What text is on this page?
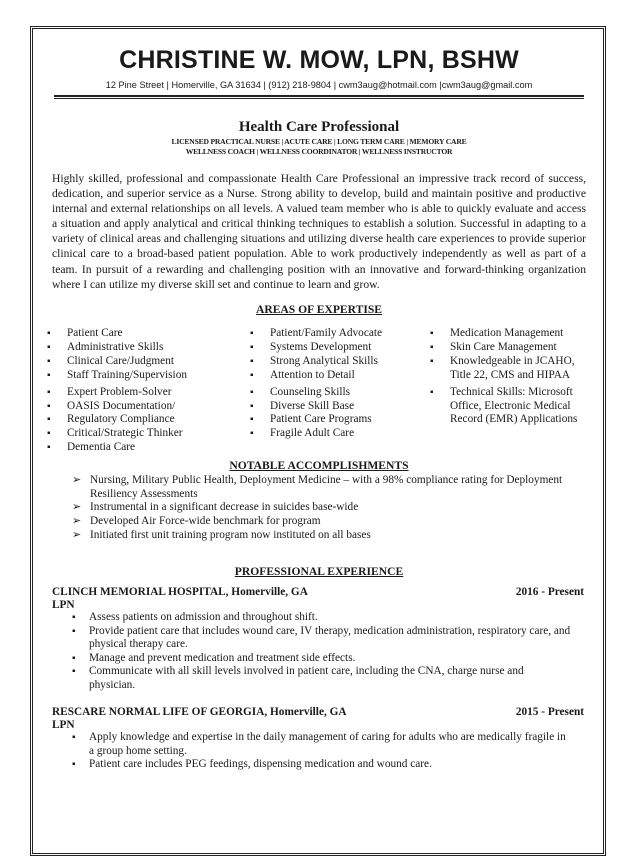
CHRISTINE W. MOW, LPN, BSHW
12 Pine Street | Homerville, GA 31634 | (912) 218-9804 | cwm3aug@hotmail.com |cwm3aug@gmail.com
Health Care Professional
LICENSED PRACTICAL NURSE | ACUTE CARE | LONG TERM CARE | MEMORY CARE
WELLNESS COACH | WELLNESS COORDINATOR | WELLNESS INSTRUCTOR
Highly skilled, professional and compassionate Health Care Professional an impressive track record of success, dedication, and superior service as a Nurse. Strong ability to develop, build and maintain positive and productive internal and external relationships on all levels. A valued team member who is able to quickly evaluate and access a situation and apply analytical and critical thinking techniques to establish a solution. Successful in adapting to a variety of clinical areas and challenging situations and utilizing diverse health care experiences to provide superior clinical care to a broad-based patient population. Able to work productively independently as well as part of a team. In pursuit of a rewarding and challenging position with an innovative and forward-thinking organization where I can utilize my diverse skill set and continue to learn and grow.
AREAS OF EXPERTISE
▪ Patient Care
▪ Administrative Skills
▪ Clinical Care/Judgment
▪ Staff Training/Supervision
▪ Expert Problem-Solver
▪ OASIS Documentation/
▪ Regulatory Compliance
▪ Critical/Strategic Thinker
▪ Dementia Care
▪ Patient/Family Advocate
▪ Systems Development
▪ Strong Analytical Skills
▪ Attention to Detail
▪ Counseling Skills
▪ Diverse Skill Base
▪ Patient Care Programs
▪ Fragile Adult Care
▪ Medication Management
▪ Skin Care Management
▪ Knowledgeable in JCAHO, Title 22, CMS and HIPAA
▪ Technical Skills: Microsoft Office, Electronic Medical Record (EMR) Applications
NOTABLE ACCOMPLISHMENTS
➢ Nursing, Military Public Health, Deployment Medicine – with a 98% compliance rating for Deployment Resiliency Assessments
➢ Instrumental in a significant decrease in suicides base-wide
➢ Developed Air Force-wide benchmark for program
➢ Initiated first unit training program now instituted on all bases
PROFESSIONAL EXPERIENCE
CLINCH MEMORIAL HOSPITAL, Homerville, GA	2016 - Present
LPN
▪ Assess patients on admission and throughout shift.
▪ Provide patient care that includes wound care, IV therapy, medication administration, respiratory care, and physical therapy care.
▪ Manage and prevent medication and treatment side effects.
▪ Communicate with all skill levels involved in patient care, including the CNA, charge nurse and physician.
RESCARE NORMAL LIFE OF GEORGIA, Homerville, GA	2015 - Present
LPN
▪ Apply knowledge and expertise in the daily management of caring for adults who are medically fragile in a group home setting.
▪ Patient care includes PEG feedings, dispensing medication and wound care.
